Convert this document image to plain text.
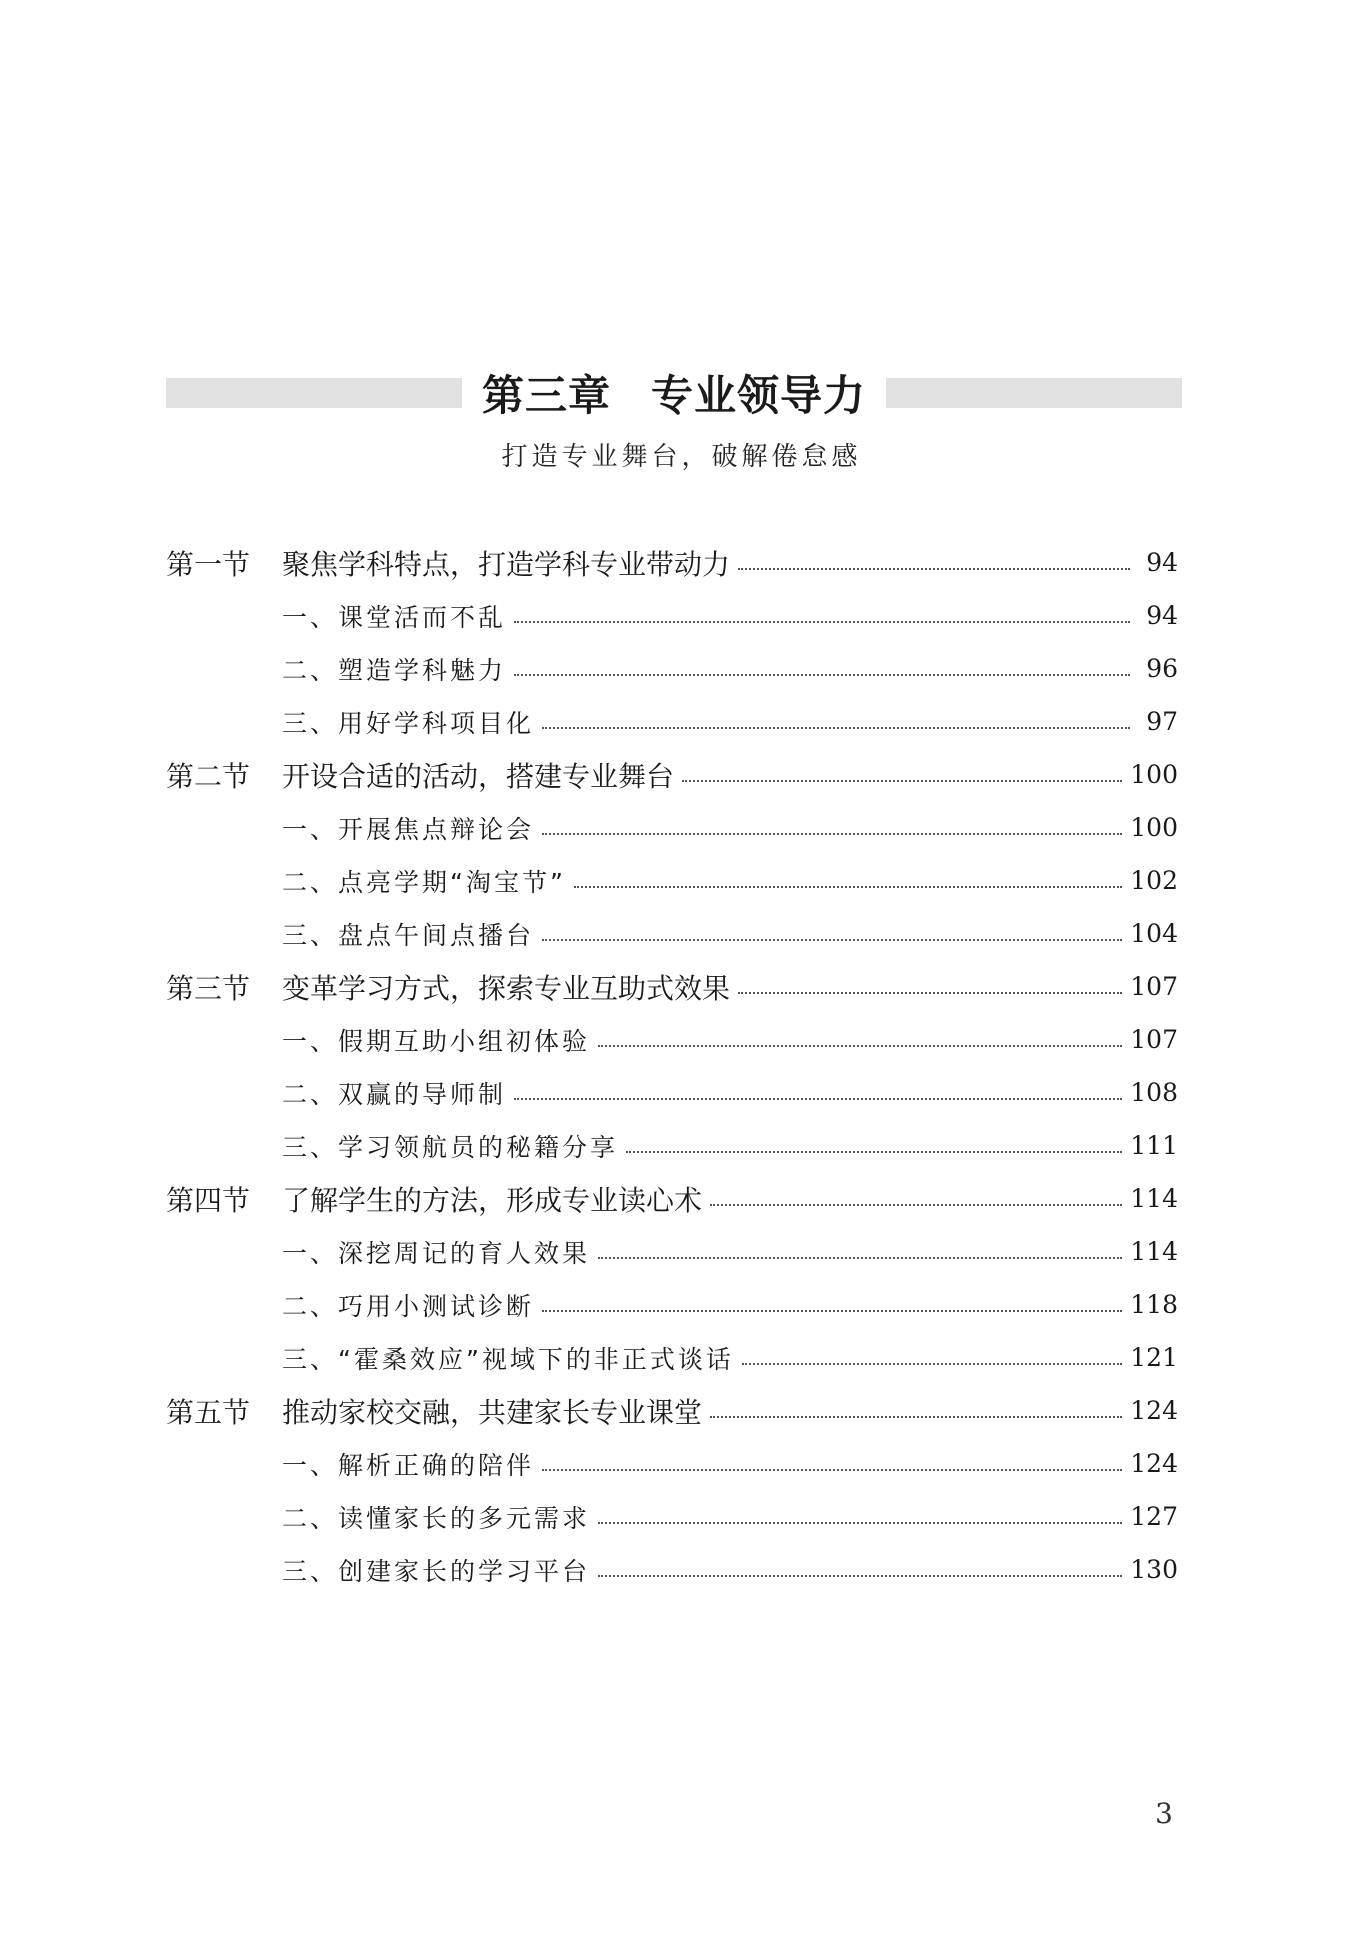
第三章 专业领导力
打造专业舞台，破解倦怠感
第一节	聚焦学科特点，打造学科专业带动力	94
一、课堂活而不乱	94
二、塑造学科魅力	96
三、用好学科项目化	97
第二节	开设合适的活动，搭建专业舞台	100
一、开展焦点辩论会	100
二、点亮学期“淘宝节”	102
三、盘点午间点播台	104
第三节	变革学习方式，探索专业互助式效果	107
一、假期互助小组初体验	107
二、双赢的导师制	108
三、学习领航员的秘籍分享	111
第四节	了解学生的方法，形成专业读心术	114
一、深挖周记的育人效果	114
二、巧用小测试诊断	118
三、“霍桑效应”视域下的非正式谈话	121
第五节	推动家校交融，共建家长专业课堂	124
一、解析正确的陪伴	124
二、读懂家长的多元需求	127
三、创建家长的学习平台	130
3
